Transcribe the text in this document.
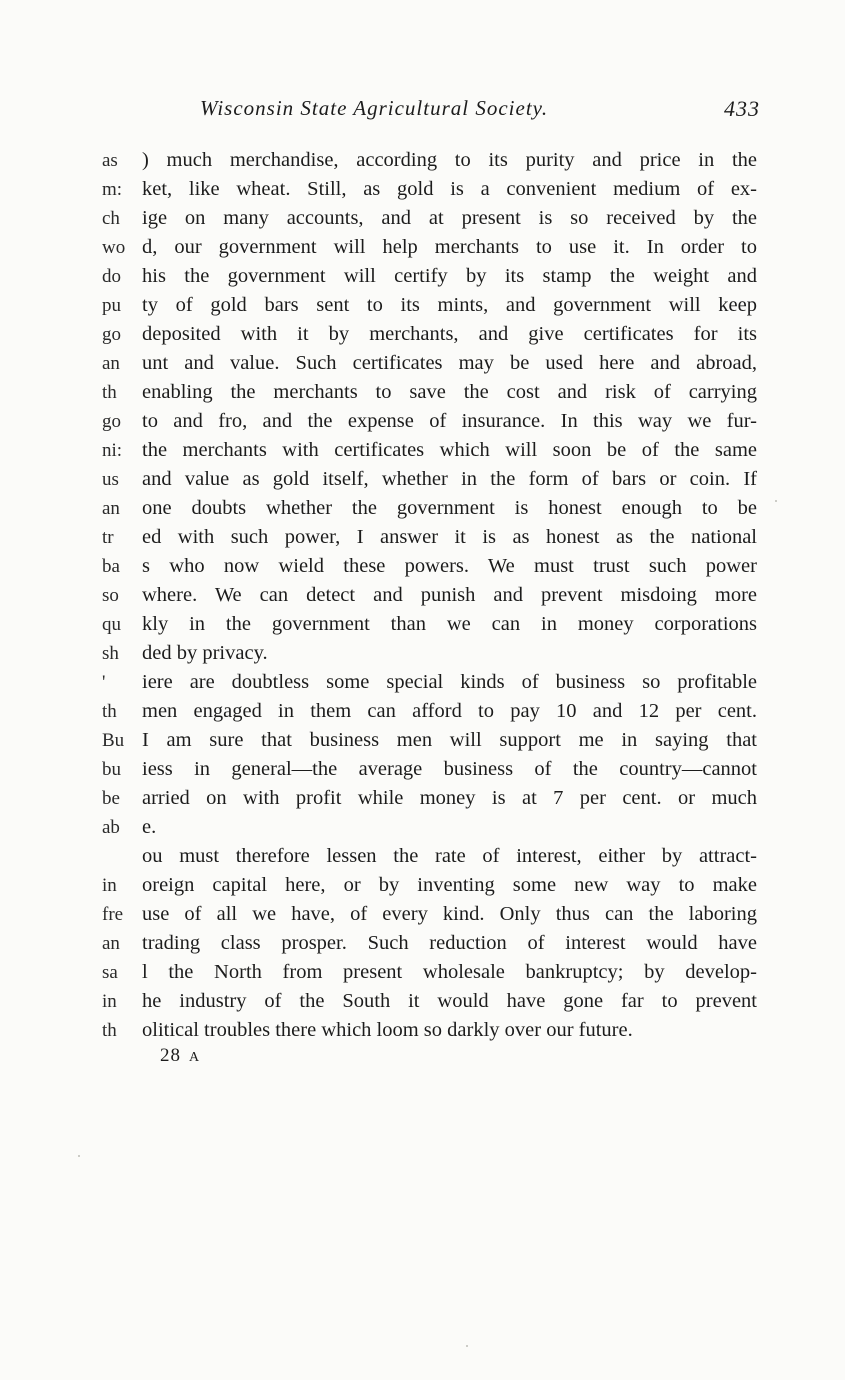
Wisconsin State Agricultural Society.	433
as
m:
ch
wo
do
pu
go
an
th
go
ni:
us
an
tr
ba
so
qu
sh
'
th
Bu
bu
be
ab
in
fre
an
sa
in
th
) much merchandise, according to its purity and price in the
ket, like wheat. Still, as gold is a convenient medium of ex-
ige on many accounts, and at present is so received by the
d, our government will help merchants to use it. In order to
his the government will certify by its stamp the weight and
ty of gold bars sent to its mints, and government will keep
deposited with it by merchants, and give certificates for its
unt and value. Such certificates may be used here and abroad,
enabling the merchants to save the cost and risk of carrying
to and fro, and the expense of insurance. In this way we fur-
the merchants with certificates which will soon be of the same
and value as gold itself, whether in the form of bars or coin. If
one doubts whether the government is honest enough to be
ed with such power, I answer it is as honest as the national
s who now wield these powers. We must trust such power
where. We can detect and punish and prevent misdoing more
kly in the government than we can in money corporations
ded by privacy.
iere are doubtless some special kinds of business so profitable
men engaged in them can afford to pay 10 and 12 per cent.
I am sure that business men will support me in saying that
iess in general—the average business of the country—cannot
arried on with profit while money is at 7 per cent. or much
e.
ou must therefore lessen the rate of interest, either by attract-
oreign capital here, or by inventing some new way to make
use of all we have, of every kind. Only thus can the laboring
trading class prosper. Such reduction of interest would have
l the North from present wholesale bankruptcy; by develop-
he industry of the South it would have gone far to prevent
olitical troubles there which loom so darkly over our future.
28 A
